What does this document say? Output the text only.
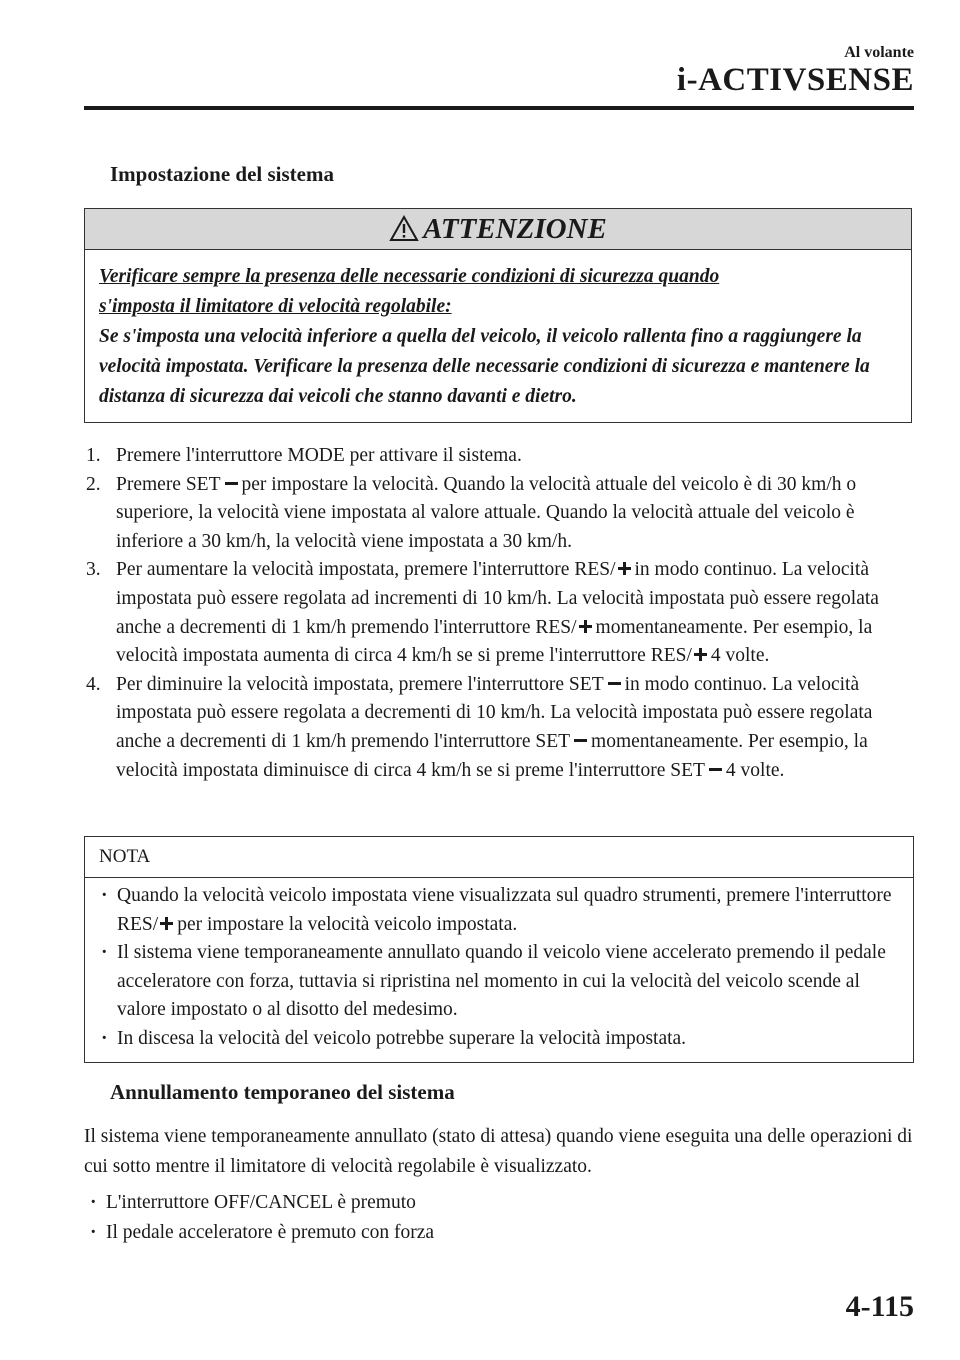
Al volante
i-ACTIVSENSE
Impostazione del sistema
ATTENZIONE
Verificare sempre la presenza delle necessarie condizioni di sicurezza quando
s'imposta il limitatore di velocità regolabile:
Se s'imposta una velocità inferiore a quella del veicolo, il veicolo rallenta fino a raggiungere la velocità impostata. Verificare la presenza delle necessarie condizioni di sicurezza e mantenere la distanza di sicurezza dai veicoli che stanno davanti e dietro.
1. Premere l'interruttore MODE per attivare il sistema.
2. Premere SET per impostare la velocità. Quando la velocità attuale del veicolo è di 30 km/h o superiore, la velocità viene impostata al valore attuale. Quando la velocità attuale del veicolo è inferiore a 30 km/h, la velocità viene impostata a 30 km/h.
3. Per aumentare la velocità impostata, premere l'interruttore RES/ in modo continuo. La velocità impostata può essere regolata ad incrementi di 10 km/h. La velocità impostata può essere regolata anche a decrementi di 1 km/h premendo l'interruttore RES/ momentaneamente. Per esempio, la velocità impostata aumenta di circa 4 km/h se si preme l'interruttore RES/ 4 volte.
4. Per diminuire la velocità impostata, premere l'interruttore SET in modo continuo. La velocità impostata può essere regolata a decrementi di 10 km/h. La velocità impostata può essere regolata anche a decrementi di 1 km/h premendo l'interruttore SET momentaneamente. Per esempio, la velocità impostata diminuisce di circa 4 km/h se si preme l'interruttore SET 4 volte.
NOTA
· Quando la velocità veicolo impostata viene visualizzata sul quadro strumenti, premere l'interruttore RES/ per impostare la velocità veicolo impostata.
· Il sistema viene temporaneamente annullato quando il veicolo viene accelerato premendo il pedale acceleratore con forza, tuttavia si ripristina nel momento in cui la velocità del veicolo scende al valore impostato o al disotto del medesimo.
· In discesa la velocità del veicolo potrebbe superare la velocità impostata.
Annullamento temporaneo del sistema
Il sistema viene temporaneamente annullato (stato di attesa) quando viene eseguita una delle operazioni di cui sotto mentre il limitatore di velocità regolabile è visualizzato.
· L'interruttore OFF/CANCEL è premuto
· Il pedale acceleratore è premuto con forza
4-115
